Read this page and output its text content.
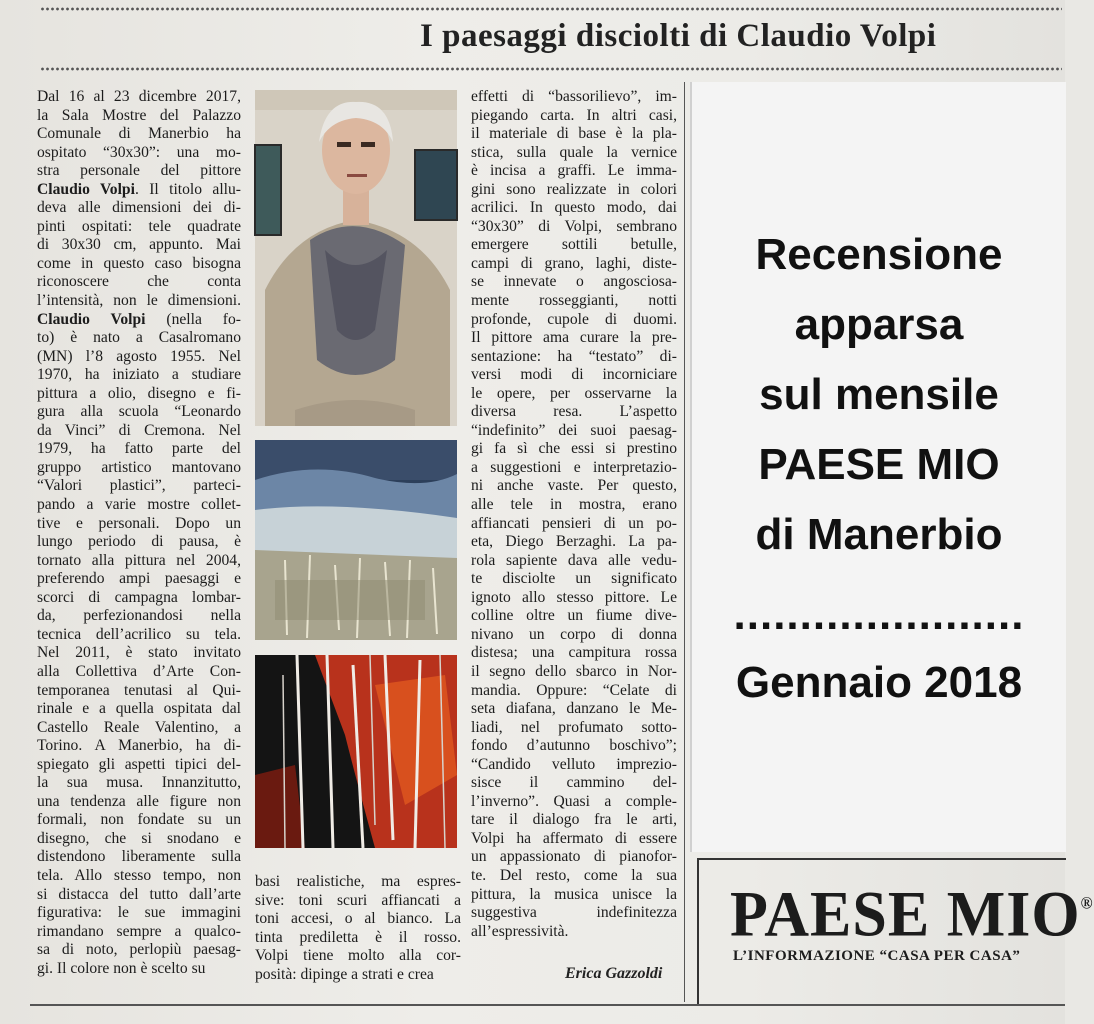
I paesaggi disciolti di Claudio Volpi
Dal 16 al 23 dicembre 2017,
la Sala Mostre del Palazzo
Comunale di Manerbio ha
ospitato “30x30”: una mo-
stra personale del pittore
Claudio Volpi. Il titolo allu-
deva alle dimensioni dei di-
pinti ospitati: tele quadrate
di 30x30 cm, appunto. Mai
come in questo caso bisogna
riconoscere che conta
l’intensità, non le dimensioni.
Claudio Volpi (nella fo-
to) è nato a Casalromano
(MN) l’8 agosto 1955. Nel
1970, ha iniziato a studiare
pittura a olio, disegno e fi-
gura alla scuola “Leonardo
da Vinci” di Cremona. Nel
1979, ha fatto parte del
gruppo artistico mantovano
“Valori plastici”, parteci-
pando a varie mostre collet-
tive e personali. Dopo un
lungo periodo di pausa, è
tornato alla pittura nel 2004,
preferendo ampi paesaggi e
scorci di campagna lombar-
da, perfezionandosi nella
tecnica dell’acrilico su tela.
Nel 2011, è stato invitato
alla Collettiva d’Arte Con-
temporanea tenutasi al Qui-
rinale e a quella ospitata dal
Castello Reale Valentino, a
Torino. A Manerbio, ha di-
spiegato gli aspetti tipici del-
la sua musa. Innanzitutto,
una tendenza alle figure non
formali, non fondate su un
disegno, che si snodano e
distendono liberamente sulla
tela. Allo stesso tempo, non
si distacca del tutto dall’arte
figurativa: le sue immagini
rimandano sempre a qualco-
sa di noto, perlopiù paesag-
gi. Il colore non è scelto su
basi realistiche, ma espres-
sive: toni scuri affiancati a
toni accesi, o al bianco. La
tinta prediletta è il rosso.
Volpi tiene molto alla cor-
posità: dipinge a strati e crea
effetti di “bassorilievo”, im-
piegando carta. In altri casi,
il materiale di base è la pla-
stica, sulla quale la vernice
è incisa a graffi. Le imma-
gini sono realizzate in colori
acrilici. In questo modo, dai
“30x30” di Volpi, sembrano
emergere sottili betulle,
campi di grano, laghi, diste-
se innevate o angosciosa-
mente rosseggianti, notti
profonde, cupole di duomi.
Il pittore ama curare la pre-
sentazione: ha “testato” di-
versi modi di incorniciare
le opere, per osservarne la
diversa resa. L’aspetto
“indefinito” dei suoi paesag-
gi fa sì che essi si prestino
a suggestioni e interpretazio-
ni anche vaste. Per questo,
alle tele in mostra, erano
affiancati pensieri di un po-
eta, Diego Berzaghi. La pa-
rola sapiente dava alle vedu-
te disciolte un significato
ignoto allo stesso pittore. Le
colline oltre un fiume dive-
nivano un corpo di donna
distesa; una campitura rossa
il segno dello sbarco in Nor-
mandia. Oppure: “Celate di
seta diafana, danzano le Me-
liadi, nel profumato sotto-
fondo d’autunno boschivo”;
“Candido velluto imprezio-
sisce il cammino del-
l’inverno”. Quasi a comple-
tare il dialogo fra le arti,
Volpi ha affermato di essere
un appassionato di pianofor-
te. Del resto, come la sua
pittura, la musica unisce la
suggestiva indefinitezza
all’espressività.
Erica Gazzoldi
Recensione
apparsa
sul mensile
PAESE MIO
di Manerbio
......................
Gennaio 2018
PAESE MIO®
L’INFORMAZIONE “CASA PER CASA”
